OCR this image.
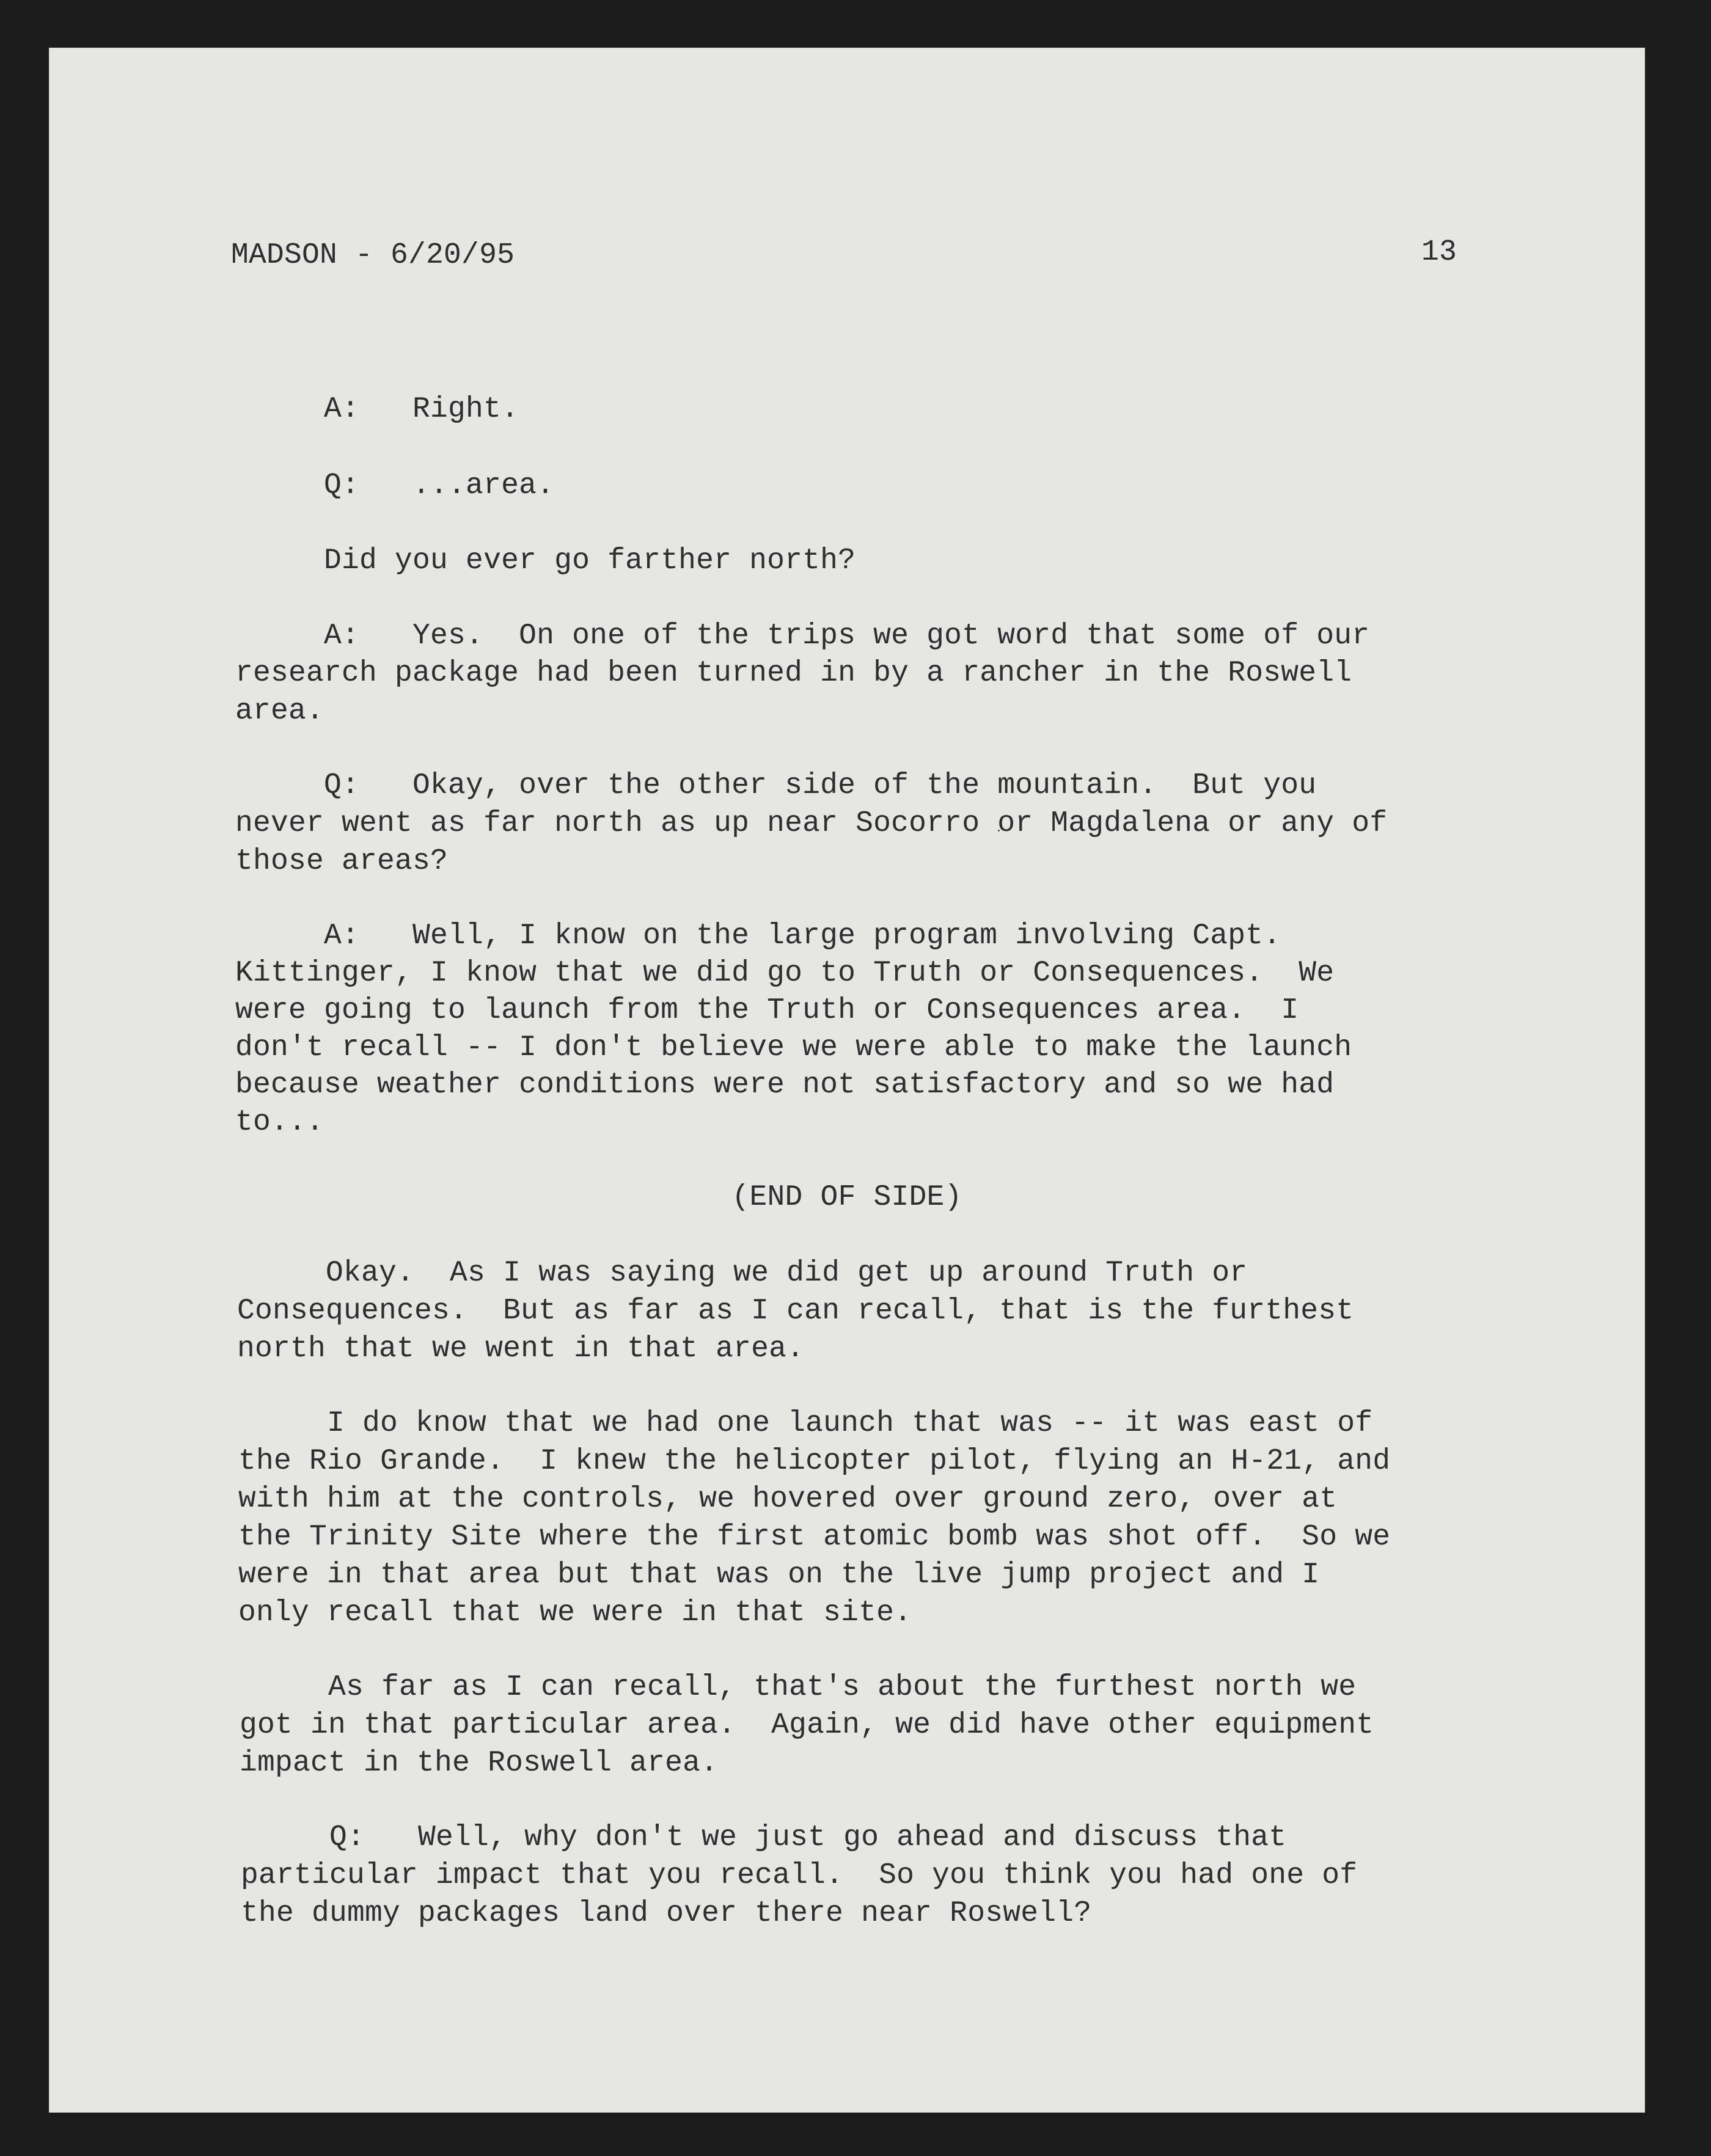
MADSON - 6/20/95	13
A:   Right.
Q:   ...area.
Did you ever go farther north?
A:   Yes.  On one of the trips we got word that some of our
research package had been turned in by a rancher in the Roswell
area.
Q:   Okay, over the other side of the mountain.  But you
never went as far north as up near Socorro or Magdalena or any of
those areas?
A:   Well, I know on the large program involving Capt.
Kittinger, I know that we did go to Truth or Consequences.  We
were going to launch from the Truth or Consequences area.  I
don't recall -- I don't believe we were able to make the launch
because weather conditions were not satisfactory and so we had
to...
(END OF SIDE)
Okay.  As I was saying we did get up around Truth or
Consequences.  But as far as I can recall, that is the furthest
north that we went in that area.
I do know that we had one launch that was -- it was east of
the Rio Grande.  I knew the helicopter pilot, flying an H-21, and
with him at the controls, we hovered over ground zero, over at
the Trinity Site where the first atomic bomb was shot off.  So we
were in that area but that was on the live jump project and I
only recall that we were in that site.
As far as I can recall, that's about the furthest north we
got in that particular area.  Again, we did have other equipment
impact in the Roswell area.
Q:   Well, why don't we just go ahead and discuss that
particular impact that you recall.  So you think you had one of
the dummy packages land over there near Roswell?
